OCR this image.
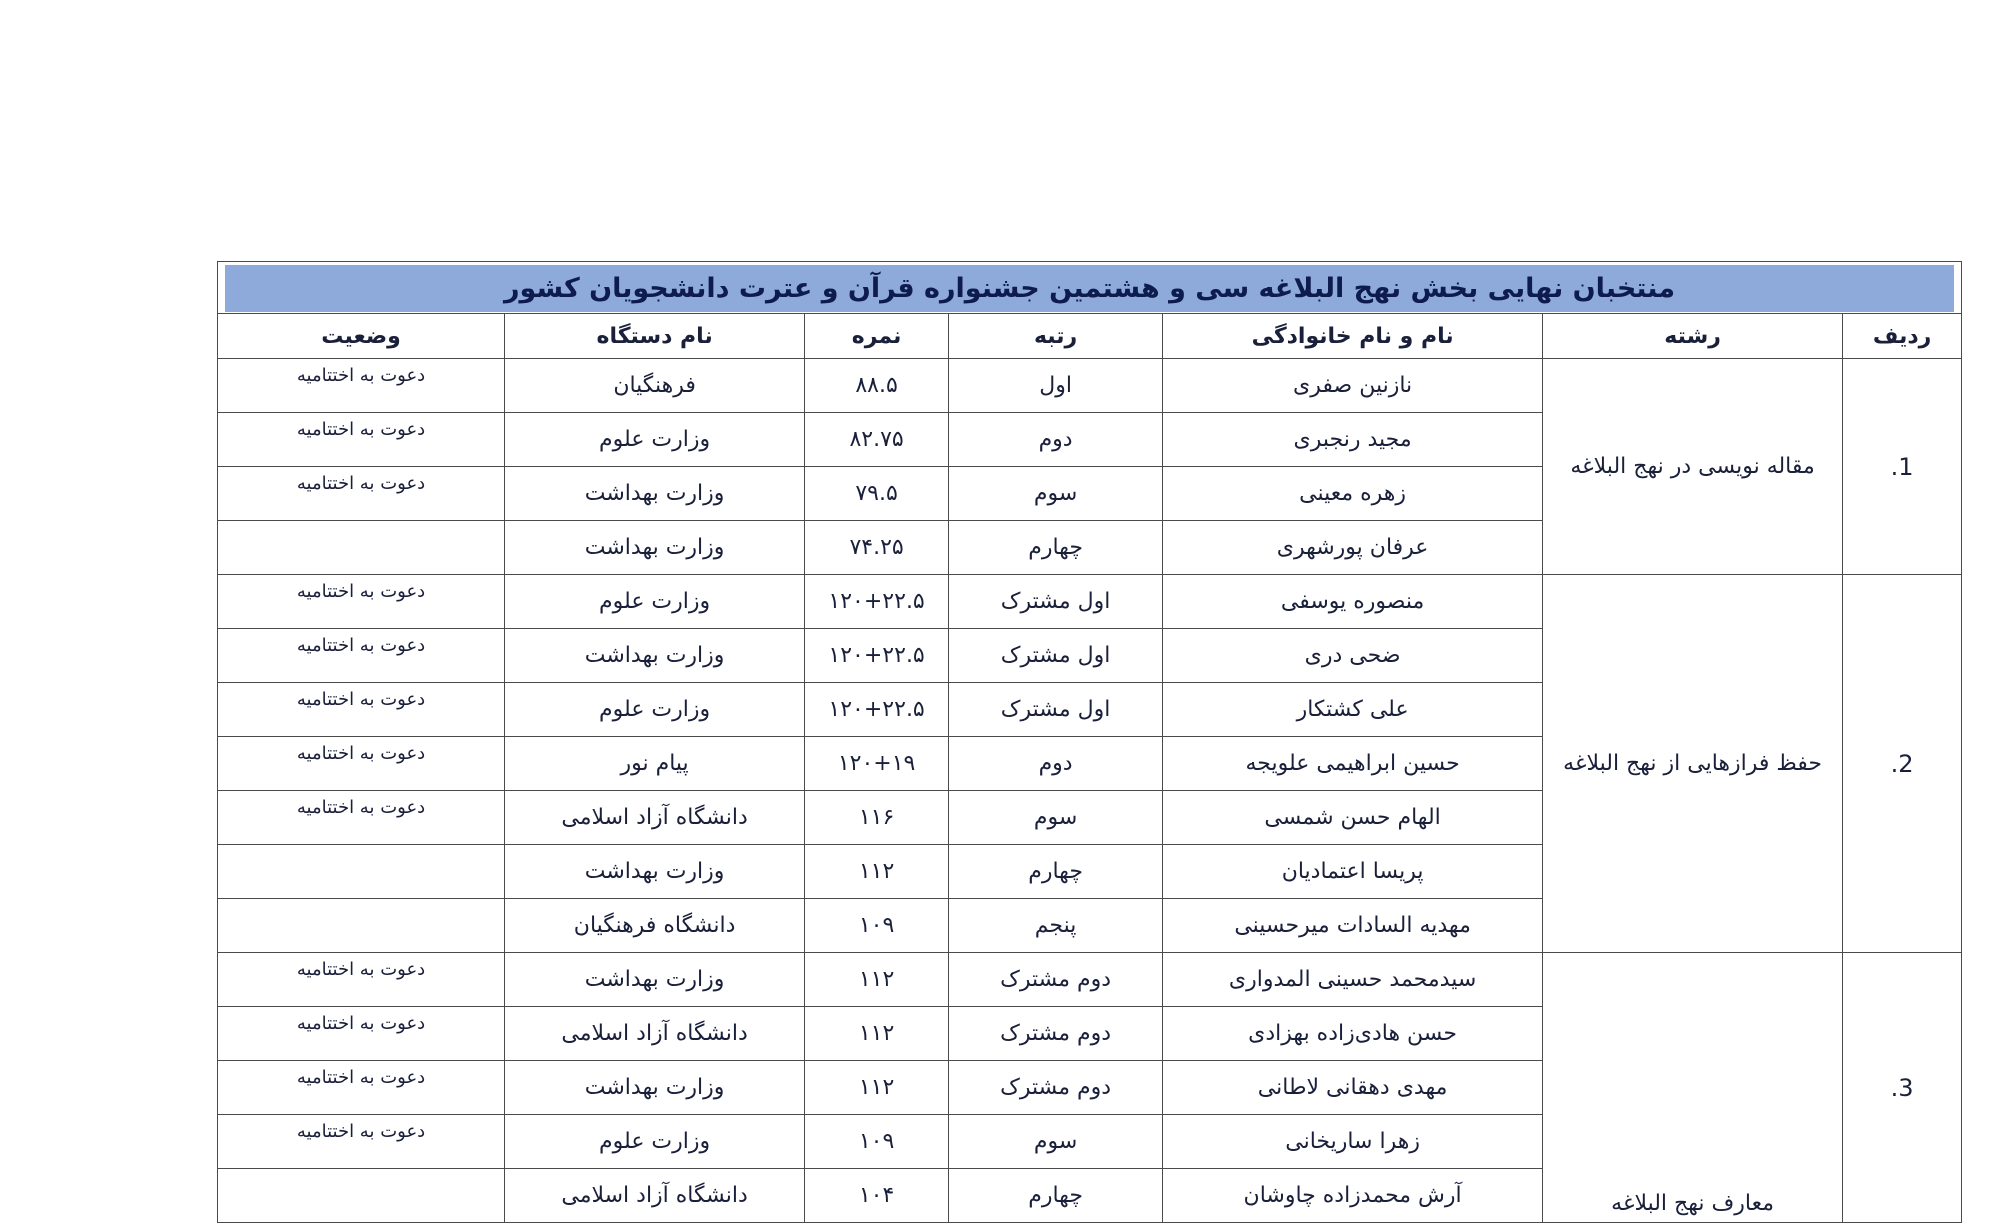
منتخبان نهایی بخش نهج البلاغه سی و هشتمین جشنواره قرآن و عترت دانشجویان کشور						

ردیف	رشته	نام و نام خانوادگی	رتبه	نمره	نام دستگاه	وضعیت
1.	مقاله نویسی در نهج البلاغه	نازنین صفری	اول	۸۸.۵	فرهنگیان	دعوت به اختتامیه
		مجید رنجبری	دوم	۸۲.۷۵	وزارت علوم	دعوت به اختتامیه
		زهره معینی	سوم	۷۹.۵	وزارت بهداشت	دعوت به اختتامیه
		عرفان پورشهری	چهارم	۷۴.۲۵	وزارت بهداشت	
2.	حفظ فرازهایی از نهج البلاغه	منصوره یوسفی	اول مشترک	۱۲۰+۲۲.۵	وزارت علوم	دعوت به اختتامیه
		ضحی دری	اول مشترک	۱۲۰+۲۲.۵	وزارت بهداشت	دعوت به اختتامیه
		علی کشتکار	اول مشترک	۱۲۰+۲۲.۵	وزارت علوم	دعوت به اختتامیه
		حسین ابراهیمی علویجه	دوم	۱۲۰+۱۹	پیام نور	دعوت به اختتامیه
		الهام حسن شمسی	سوم	۱۱۶	دانشگاه آزاد اسلامی	دعوت به اختتامیه
		پریسا اعتمادیان	چهارم	۱۱۲	وزارت بهداشت	
		مهدیه السادات میرحسینی	پنجم	۱۰۹	دانشگاه فرهنگیان	
3.	معارف نهج البلاغه	سیدمحمد حسینی المدواری	دوم مشترک	۱۱۲	وزارت بهداشت	دعوت به اختتامیه
		حسن هادی‌زاده بهزادی	دوم مشترک	۱۱۲	دانشگاه آزاد اسلامی	دعوت به اختتامیه
		مهدی دهقانی لاطانی	دوم مشترک	۱۱۲	وزارت بهداشت	دعوت به اختتامیه
		زهرا ساریخانی	سوم	۱۰۹	وزارت علوم	دعوت به اختتامیه
		آرش محمدزاده چاوشان	چهارم	۱۰۴	دانشگاه آزاد اسلامی	
